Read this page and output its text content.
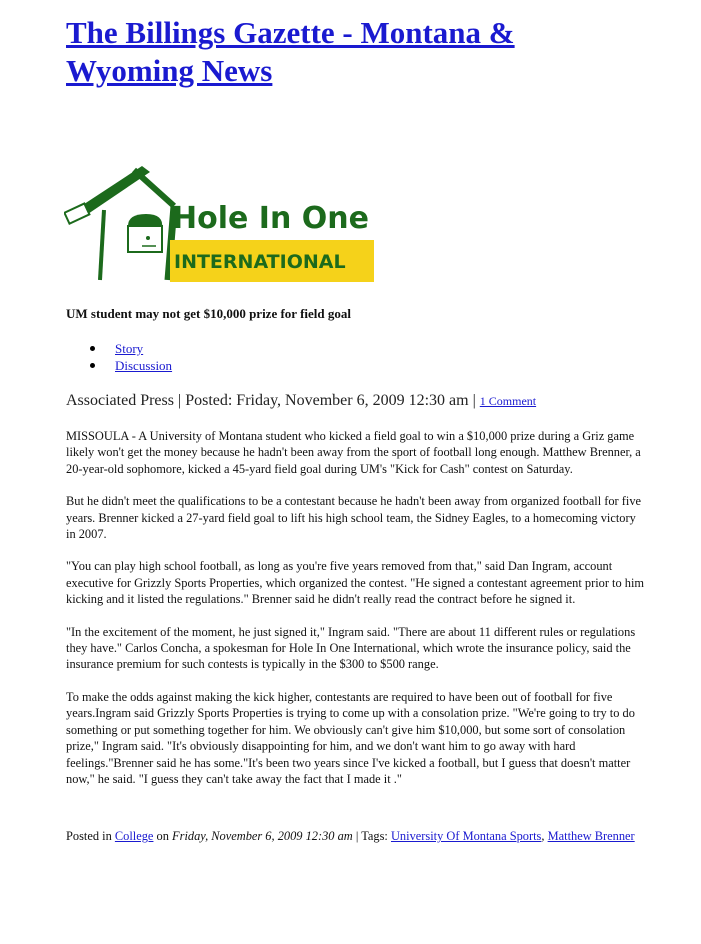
The Billings Gazette - Montana & Wyoming News
Hole In One
INTERNATIONAL
UM student may not get $10,000 prize for field goal
Story
Discussion

Associated Press | Posted: Friday, November 6, 2009 12:30 am | 1 Comment

MISSOULA - A University of Montana student who kicked a field goal to win a $10,000 prize during a Griz game likely won't get the money because he hadn't been away from the sport of football long enough. Matthew Brenner, a 20-year-old sophomore, kicked a 45-yard field goal during UM's "Kick for Cash" contest on Saturday.

But he didn't meet the qualifications to be a contestant because he hadn't been away from organized football for five years. Brenner kicked a 27-yard field goal to lift his high school team, the Sidney Eagles, to a homecoming victory in 2007.

"You can play high school football, as long as you're five years removed from that," said Dan Ingram, account executive for Grizzly Sports Properties, which organized the contest. "He signed a contestant agreement prior to him kicking and it listed the regulations." Brenner said he didn't really read the contract before he signed it.

"In the excitement of the moment, he just signed it," Ingram said. "There are about 11 different rules or regulations they have." Carlos Concha, a spokesman for Hole In One International, which wrote the insurance policy, said the insurance premium for such contests is typically in the $300 to $500 range.

To make the odds against making the kick higher, contestants are required to have been out of football for five years.Ingram said Grizzly Sports Properties is trying to come up with a consolation prize. "We're going to try to do something or put something together for him. We obviously can't give him $10,000, but some sort of consolation prize," Ingram said. "It's obviously disappointing for him, and we don't want him to go away with hard feelings."Brenner said he has some."It's been two years since I've kicked a football, but I guess that doesn't matter now," he said. "I guess they can't take away the fact that I made it ."

Posted in College on Friday, November 6, 2009 12:30 am | Tags: University Of Montana Sports, Matthew Brenner
